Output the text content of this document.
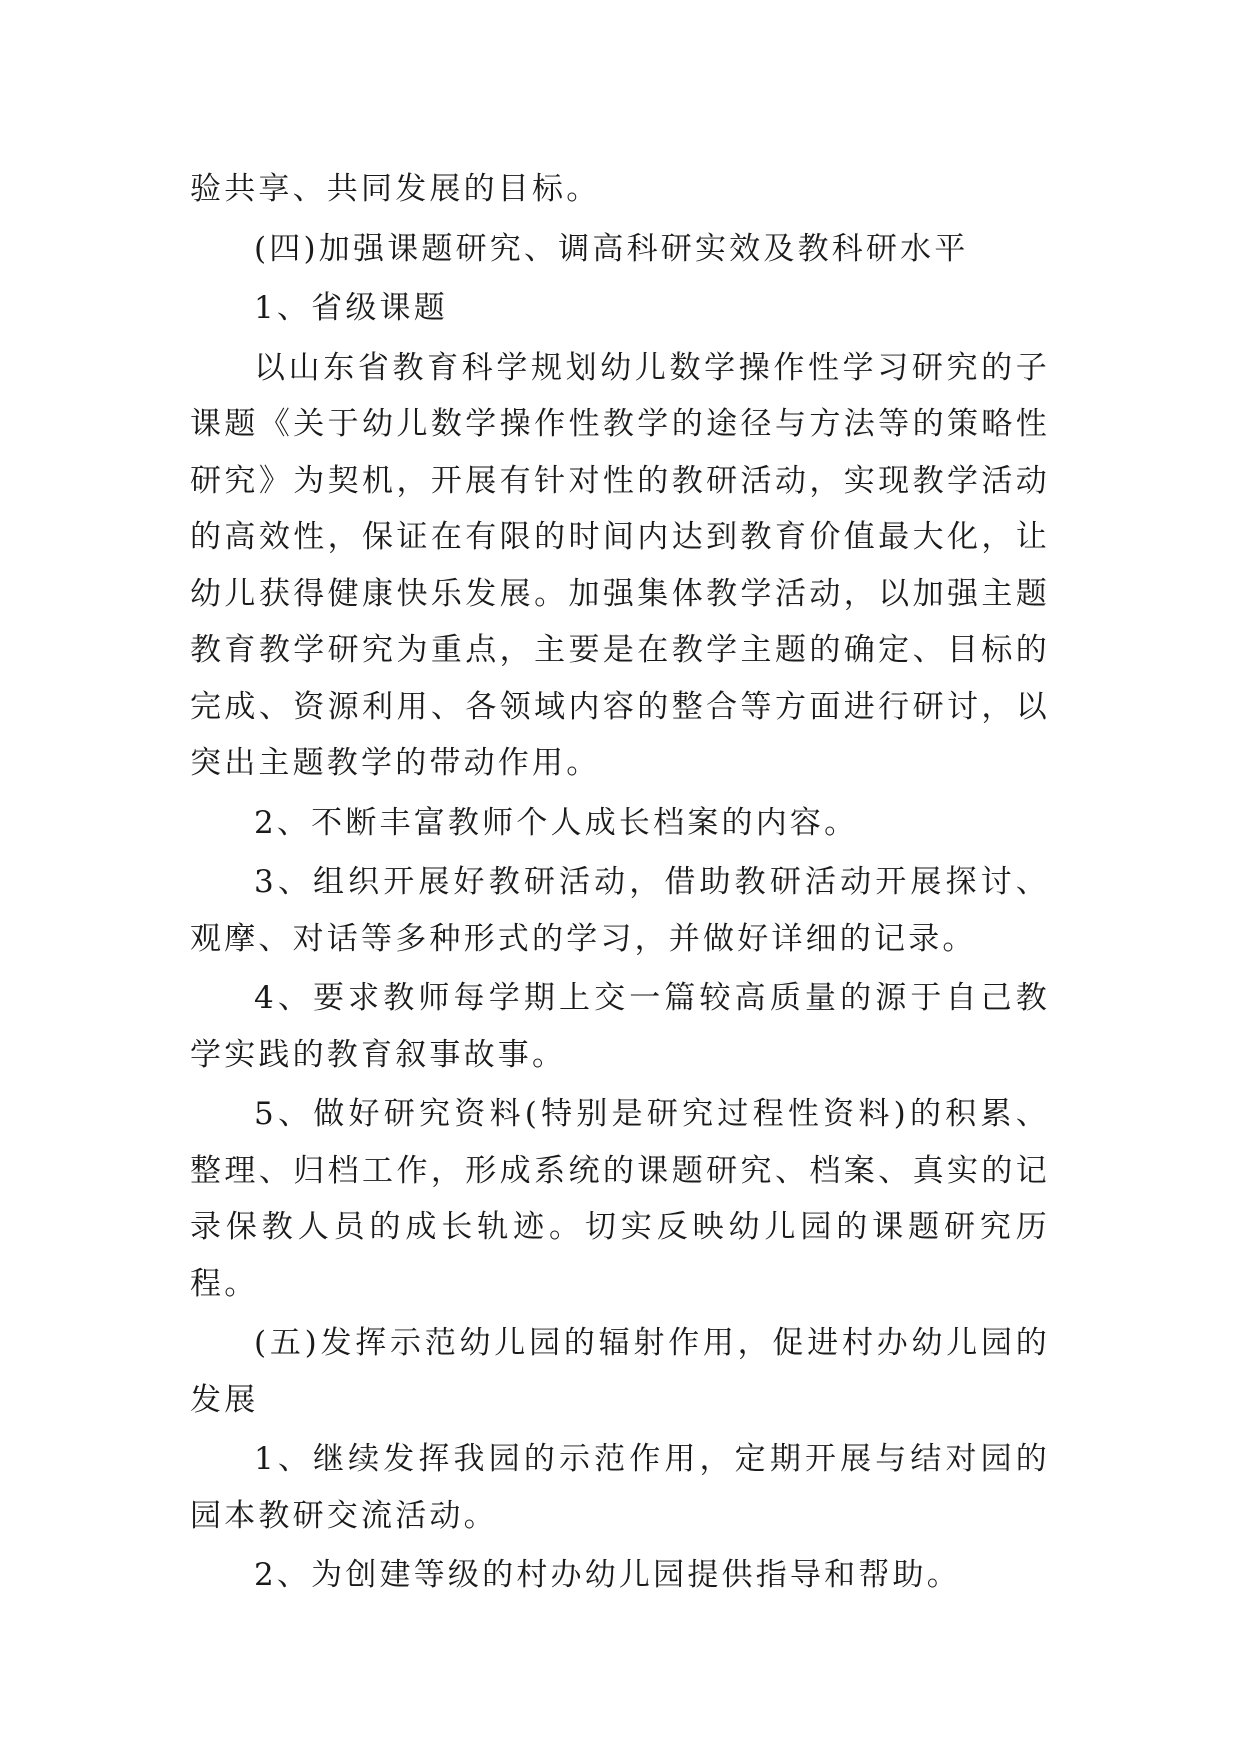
验共享、共同发展的目标。

(四)加强课题研究、调高科研实效及教科研水平

1、省级课题

以山东省教育科学规划幼儿数学操作性学习研究的子课题《关于幼儿数学操作性教学的途径与方法等的策略性研究》为契机，开展有针对性的教研活动，实现教学活动的高效性，保证在有限的时间内达到教育价值最大化，让幼儿获得健康快乐发展。加强集体教学活动，以加强主题教育教学研究为重点，主要是在教学主题的确定、目标的完成、资源利用、各领域内容的整合等方面进行研讨，以突出主题教学的带动作用。

2、不断丰富教师个人成长档案的内容。

3、组织开展好教研活动，借助教研活动开展探讨、观摩、对话等多种形式的学习，并做好详细的记录。

4、要求教师每学期上交一篇较高质量的源于自己教学实践的教育叙事故事。

5、做好研究资料(特别是研究过程性资料)的积累、整理、归档工作，形成系统的课题研究、档案、真实的记录保教人员的成长轨迹。切实反映幼儿园的课题研究历程。

(五)发挥示范幼儿园的辐射作用，促进村办幼儿园的发展

1、继续发挥我园的示范作用，定期开展与结对园的园本教研交流活动。

2、为创建等级的村办幼儿园提供指导和帮助。
